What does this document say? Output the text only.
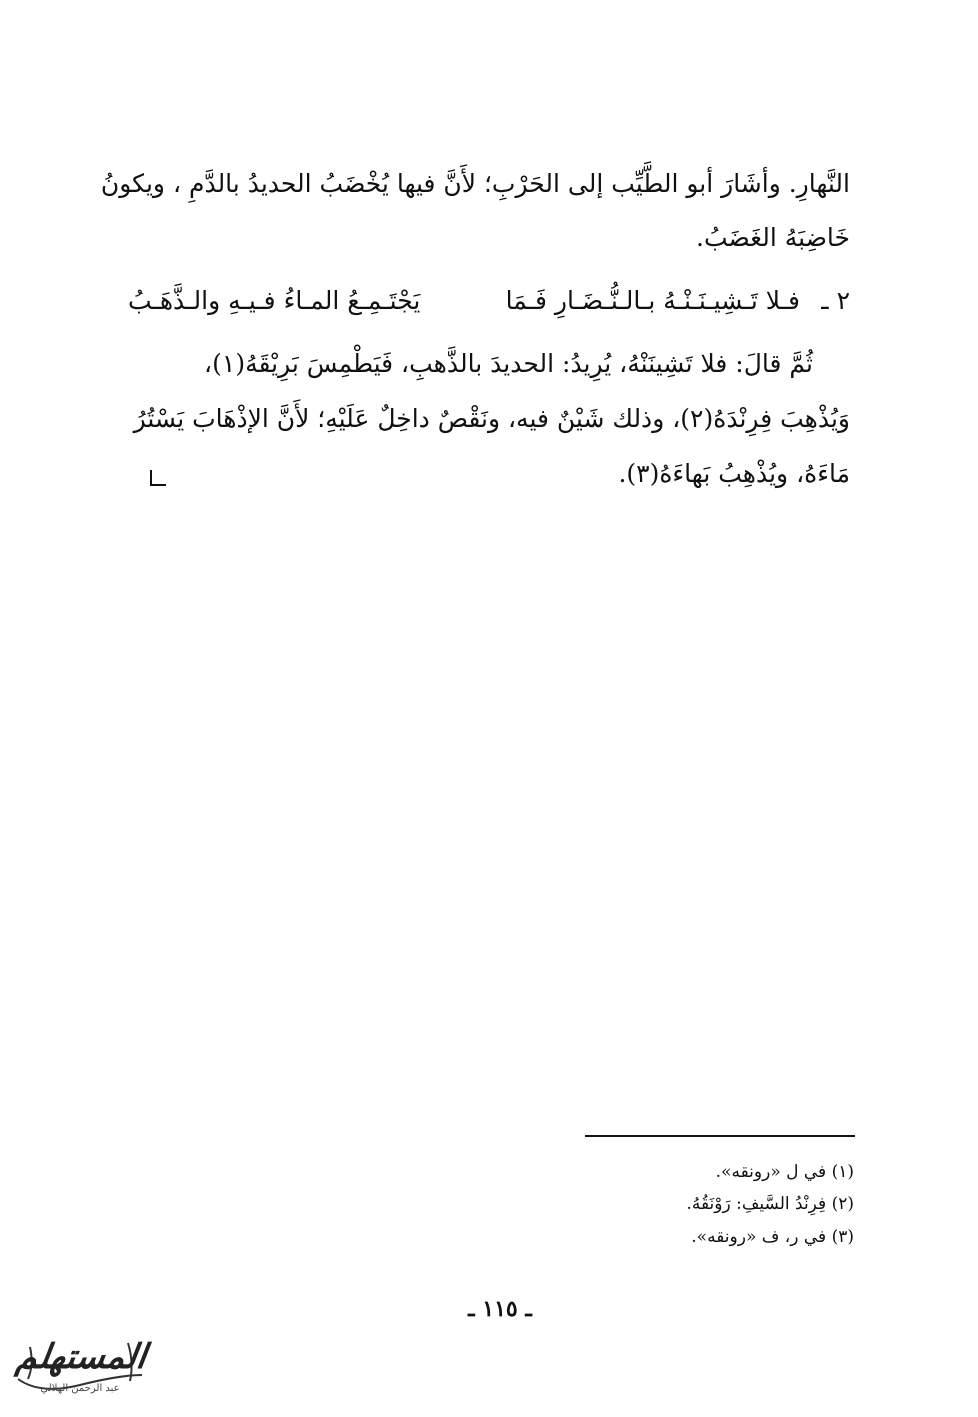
النَّهارِ. وأشَارَ أبو الطَّيِّب إلى الحَرْبِ؛ لأَنَّ فيها يُخْضَبُ الحديدُ بالدَّمِ ، ويكونُ
خَاضِبَهُ الغَضَبُ.
٢ ـ
فـلا تَـشِيـنَـنْـهُ بـالـنُّـضَـارِ فَـمَا
يَجْتَـمِـعُ المـاءُ فـيـهِ والـذَّهَـبُ
ثُمَّ قالَ: فلا تَشِينَنْهُ، يُرِيدُ: الحديدَ بالذَّهبِ، فَيَطْمِسَ بَرِيْقَهُ(١)،
وَيُذْهِبَ فِرِنْدَهُ(٢)، وذلك شَيْنٌ فيه، ونَقْصٌ داخِلٌ عَلَيْهِ؛ لأَنَّ الإذْهَابَ يَسْتُرُ
مَاءَهُ، ويُذْهِبُ بَهاءَهُ(٣).
(١) في ل «رونقه».
(٢) فِرِنْدُ السَّيفِ: رَوْنَقُهُ.
(٣) في ر، ف «رونقه».
ـ ١١٥ ـ
المستهلم
عبد الرحمن الهلالي
